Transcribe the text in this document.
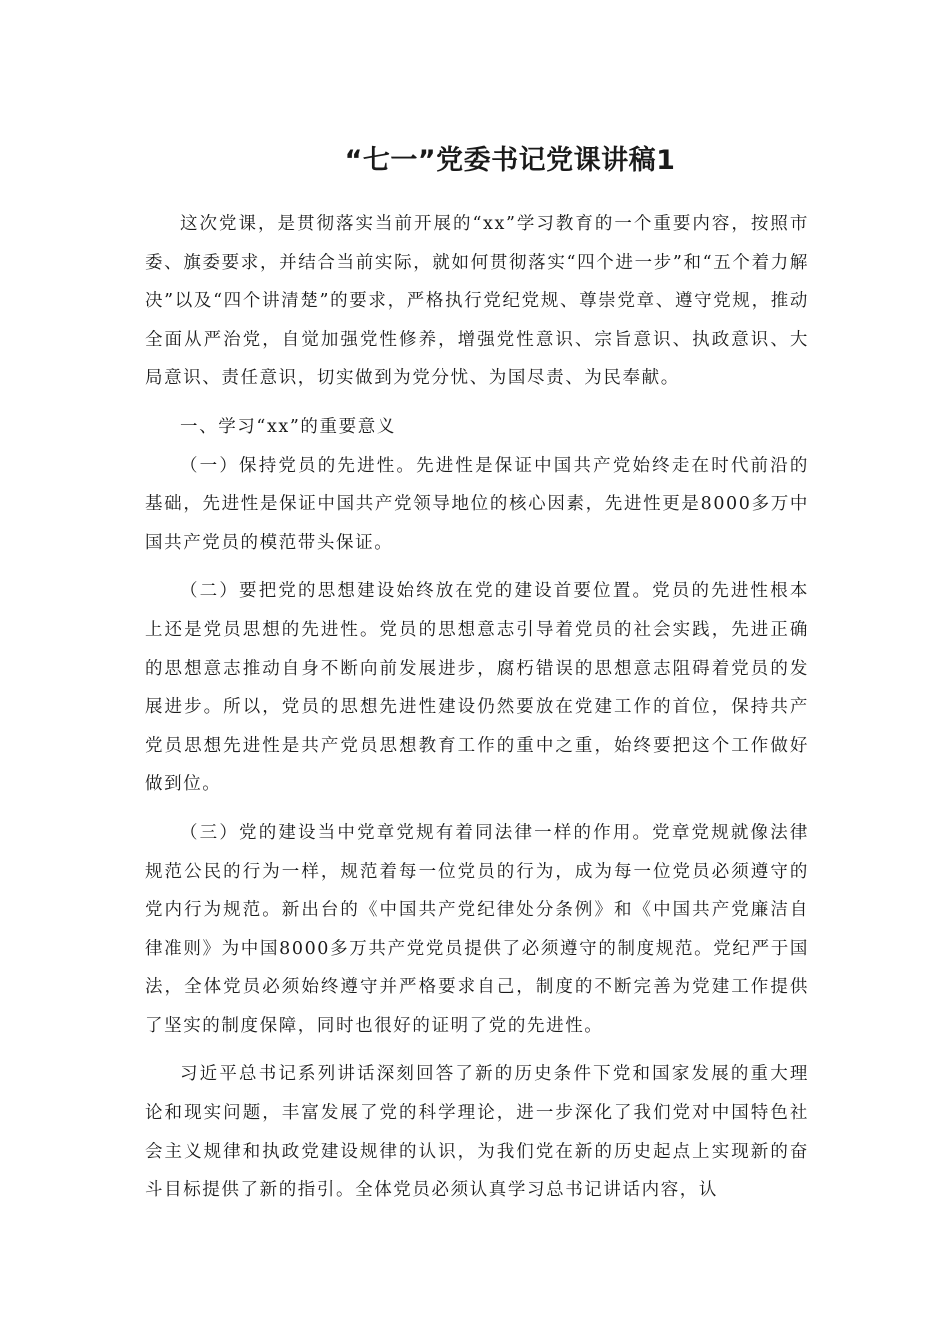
“七一”党委书记党课讲稿1

这次党课，是贯彻落实当前开展的“xx”学习教育的一个重要内容，按照市委、旗委要求，并结合当前实际，就如何贯彻落实“四个进一步”和“五个着力解决”以及“四个讲清楚”的要求，严格执行党纪党规、尊崇党章、遵守党规，推动全面从严治党，自觉加强党性修养，增强党性意识、宗旨意识、执政意识、大局意识、责任意识，切实做到为党分忧、为国尽责、为民奉献。

一、学习“xx”的重要意义

（一）保持党员的先进性。先进性是保证中国共产党始终走在时代前沿的基础，先进性是保证中国共产党领导地位的核心因素，先进性更是8000多万中国共产党员的模范带头保证。

（二）要把党的思想建设始终放在党的建设首要位置。党员的先进性根本上还是党员思想的先进性。党员的思想意志引导着党员的社会实践，先进正确的思想意志推动自身不断向前发展进步，腐朽错误的思想意志阻碍着党员的发展进步。所以，党员的思想先进性建设仍然要放在党建工作的首位，保持共产党员思想先进性是共产党员思想教育工作的重中之重，始终要把这个工作做好做到位。

（三）党的建设当中党章党规有着同法律一样的作用。党章党规就像法律规范公民的行为一样，规范着每一位党员的行为，成为每一位党员必须遵守的党内行为规范。新出台的《中国共产党纪律处分条例》和《中国共产党廉洁自律准则》为中国8000多万共产党党员提供了必须遵守的制度规范。党纪严于国法，全体党员必须始终遵守并严格要求自己，制度的不断完善为党建工作提供了坚实的制度保障，同时也很好的证明了党的先进性。

习近平总书记系列讲话深刻回答了新的历史条件下党和国家发展的重大理论和现实问题，丰富发展了党的科学理论，进一步深化了我们党对中国特色社会主义规律和执政党建设规律的认识，为我们党在新的历史起点上实现新的奋斗目标提供了新的指引。全体党员必须认真学习总书记讲话内容，认
